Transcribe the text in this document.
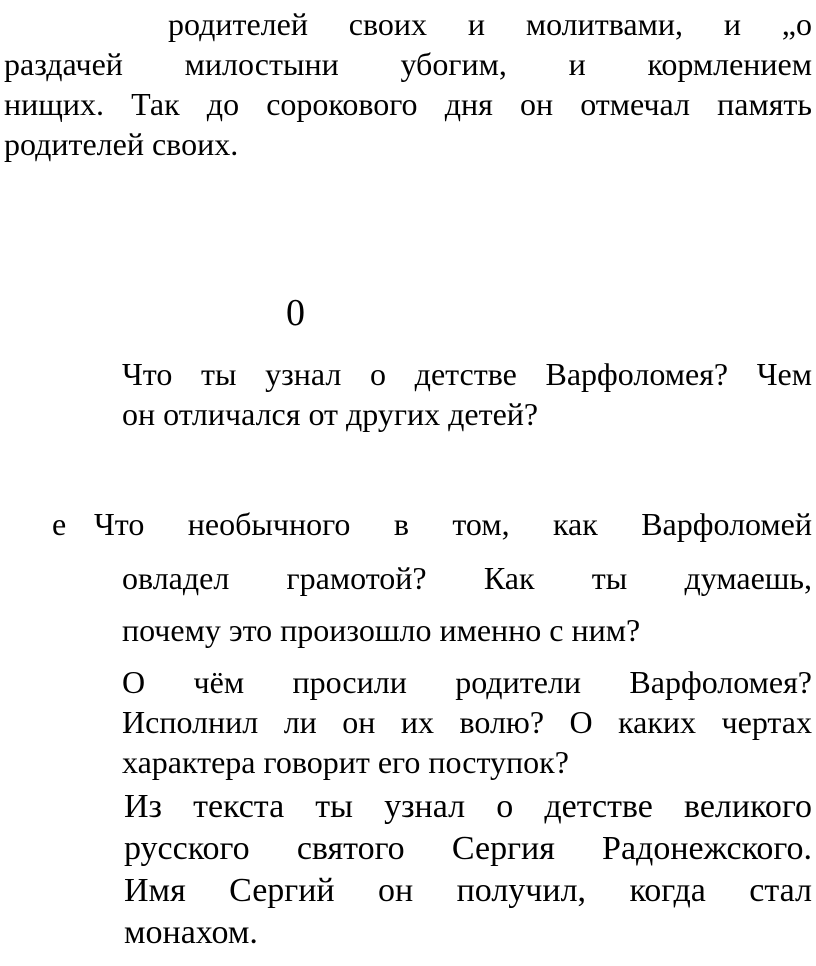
родителей своих и молитвами, и „о
раздачей милостыни убогим, и кормлением
нищих. Так до сорокового дня он отмечал память
родителей своих.
0
Что ты узнал о детстве Варфоломея? Чем
он отличался от других детей?
е Что необычного в том, как Варфоломей
овладел грамотой? Как ты думаешь,
почему это произошло именно с ним?
О чём просили родители Варфоломея?
Исполнил ли он их волю? О каких чертах
характера говорит его поступок?
Из текста ты узнал о детстве великого
русского святого Сергия Радонежского.
Имя Сергий он получил, когда стал
монахом.
